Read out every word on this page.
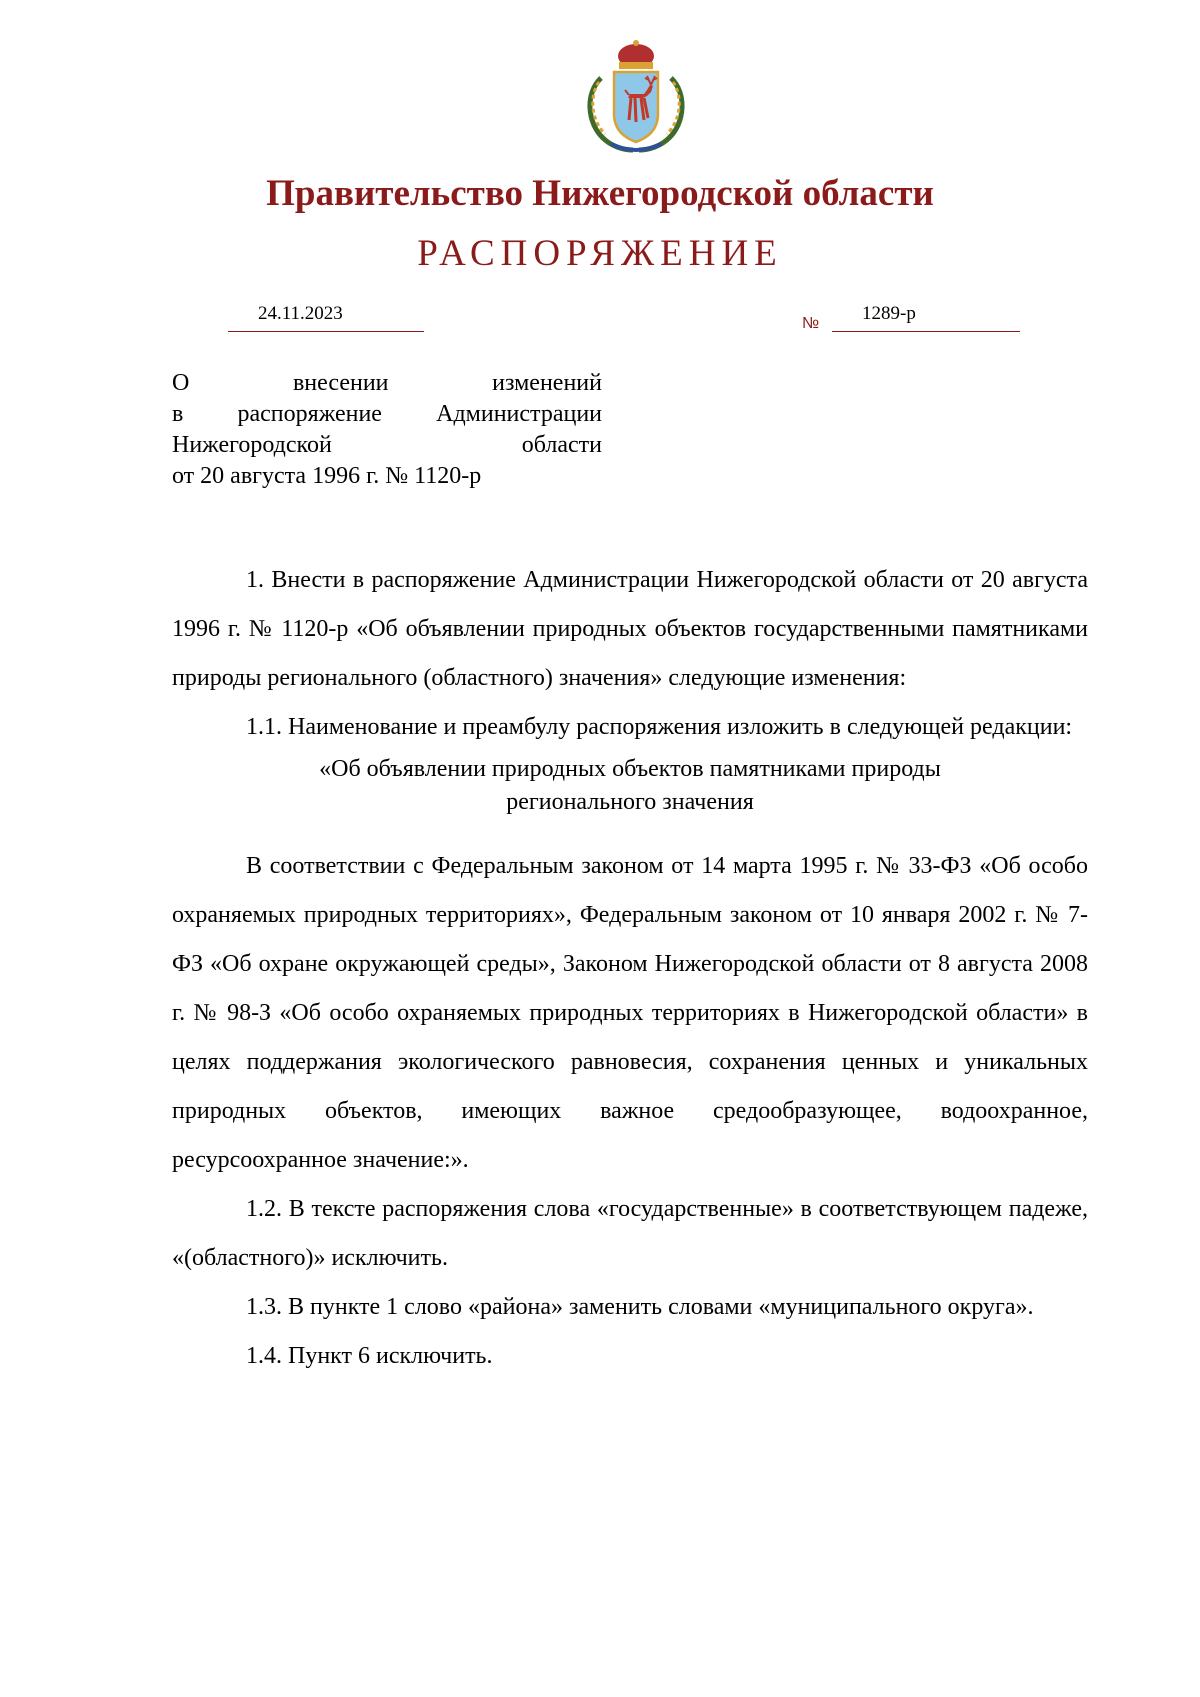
Правительство Нижегородской области
РАСПОРЯЖЕНИЕ
24.11.2023	№ 1289-р
О внесении изменений
в распоряжение Администрации
Нижегородской области
от 20 августа 1996 г. № 1120-р

1. Внести в распоряжение Администрации Нижегородской области от 20 августа 1996 г. № 1120-р «Об объявлении природных объектов государственными памятниками природы регионального (областного) значения» следующие изменения:

1.1. Наименование и преамбулу распоряжения изложить в следующей редакции:

«Об объявлении природных объектов памятниками природы
регионального значения

В соответствии с Федеральным законом от 14 марта 1995 г. № 33-ФЗ «Об особо охраняемых природных территориях», Федеральным законом от 10 января 2002 г. № 7-ФЗ «Об охране окружающей среды», Законом Нижегородской области от 8 августа 2008 г. № 98-З «Об особо охраняемых природных территориях в Нижегородской области» в целях поддержания экологического равновесия, сохранения ценных и уникальных природных объектов, имеющих важное средообразующее, водоохранное, ресурсоохранное значение:».

1.2. В тексте распоряжения слова «государственные» в соответствующем падеже, «(областного)» исключить.

1.3. В пункте 1 слово «района» заменить словами «муниципального округа».

1.4. Пункт 6 исключить.
